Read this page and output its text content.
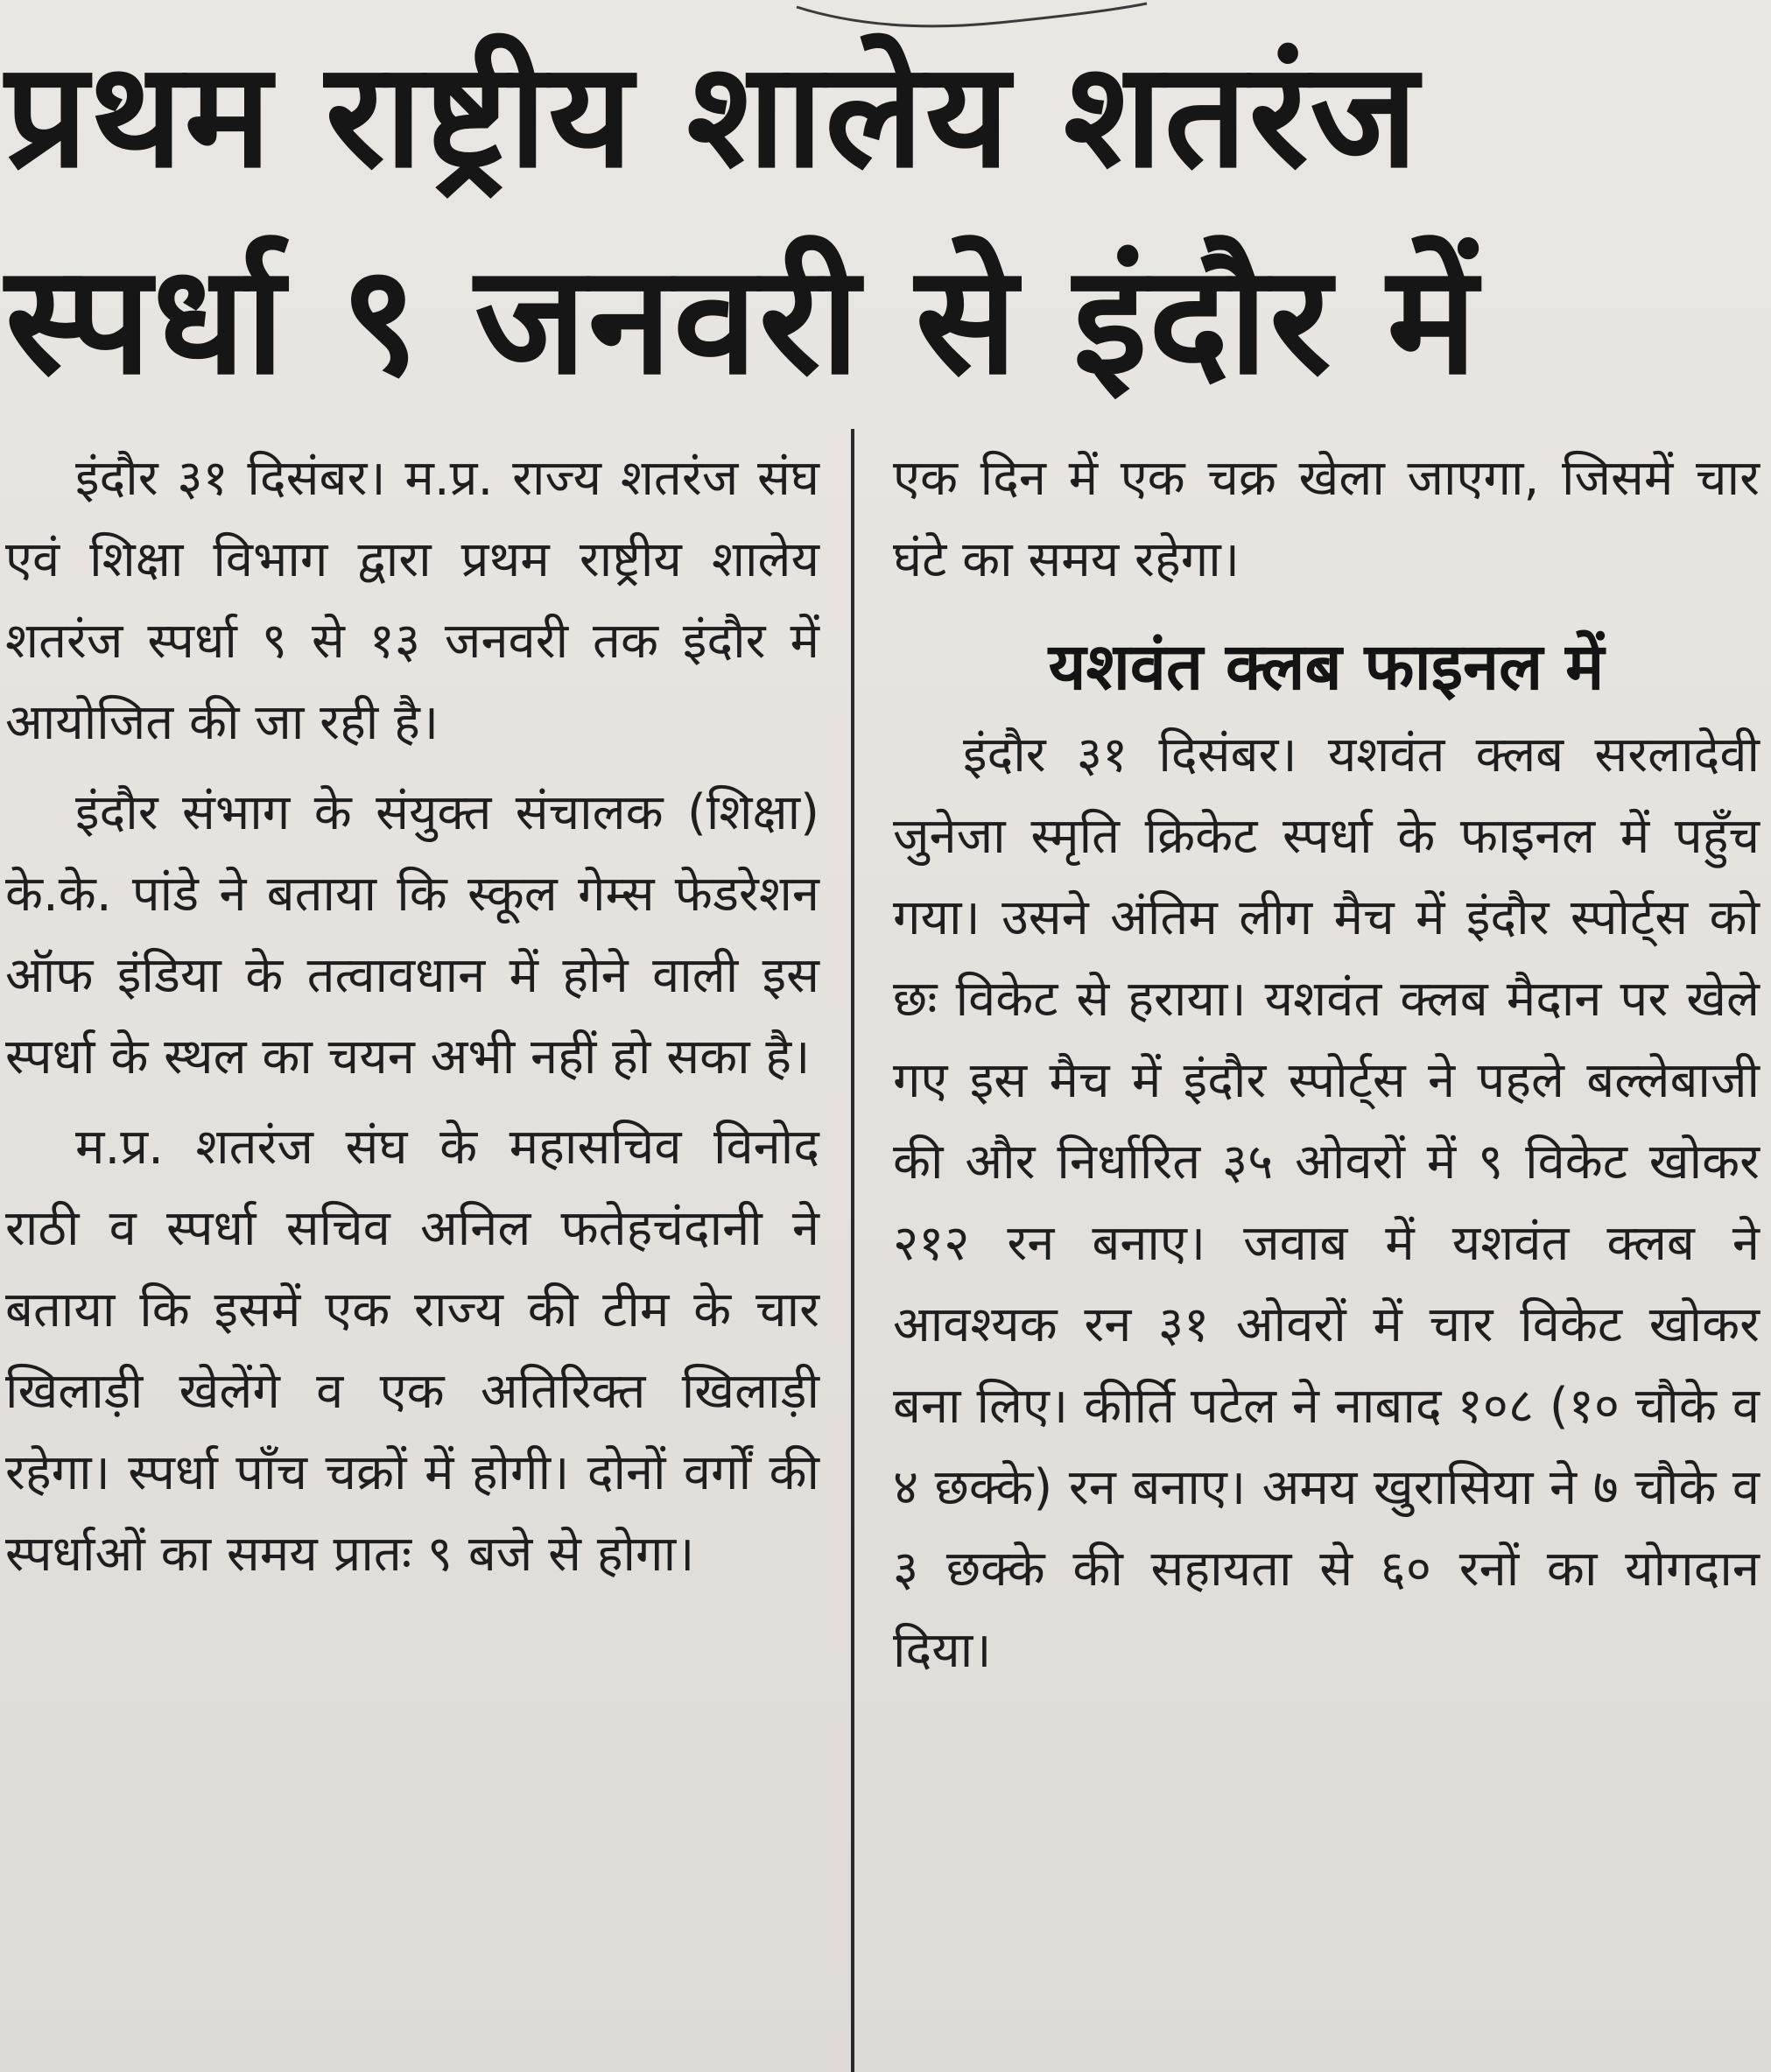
प्रथम राष्ट्रीय शालेय शतरंज
स्पर्धा ९ जनवरी से इंदौर में

इंदौर ३१ दिसंबर। म.प्र. राज्य शतरंज संघ एवं शिक्षा विभाग द्वारा प्रथम राष्ट्रीय शालेय शतरंज स्पर्धा ९ से १३ जनवरी तक इंदौर में आयोजित की जा रही है।

इंदौर संभाग के संयुक्त संचालक (शिक्षा) के.के. पांडे ने बताया कि स्कूल गेम्स फेडरेशन ऑफ इंडिया के तत्वावधान में होने वाली इस स्पर्धा के स्थल का चयन अभी नहीं हो सका है।

म.प्र. शतरंज संघ के महासचिव विनोद राठी व स्पर्धा सचिव अनिल फतेहचंदानी ने बताया कि इसमें एक राज्य की टीम के चार खिलाड़ी खेलेंगे व एक अतिरिक्त खिलाड़ी रहेगा। स्पर्धा पाँच चक्रों में होगी। दोनों वर्गों की स्पर्धाओं का समय प्रातः ९ बजे से होगा।

एक दिन में एक चक्र खेला जाएगा, जिसमें चार घंटे का समय रहेगा।

यशवंत क्लब फाइनल में

इंदौर ३१ दिसंबर। यशवंत क्लब सरलादेवी जुनेजा स्मृति क्रिकेट स्पर्धा के फाइनल में पहुँच गया। उसने अंतिम लीग मैच में इंदौर स्पोर्ट्स को छः विकेट से हराया। यशवंत क्लब मैदान पर खेले गए इस मैच में इंदौर स्पोर्ट्स ने पहले बल्लेबाजी की और निर्धारित ३५ ओवरों में ९ विकेट खोकर २१२ रन बनाए। जवाब में यशवंत क्लब ने आवश्यक रन ३१ ओवरों में चार विकेट खोकर बना लिए। कीर्ति पटेल ने नाबाद १०८ (१० चौके व ४ छक्के) रन बनाए। अमय खुरासिया ने ७ चौके व ३ छक्के की सहायता से ६० रनों का योगदान दिया।
